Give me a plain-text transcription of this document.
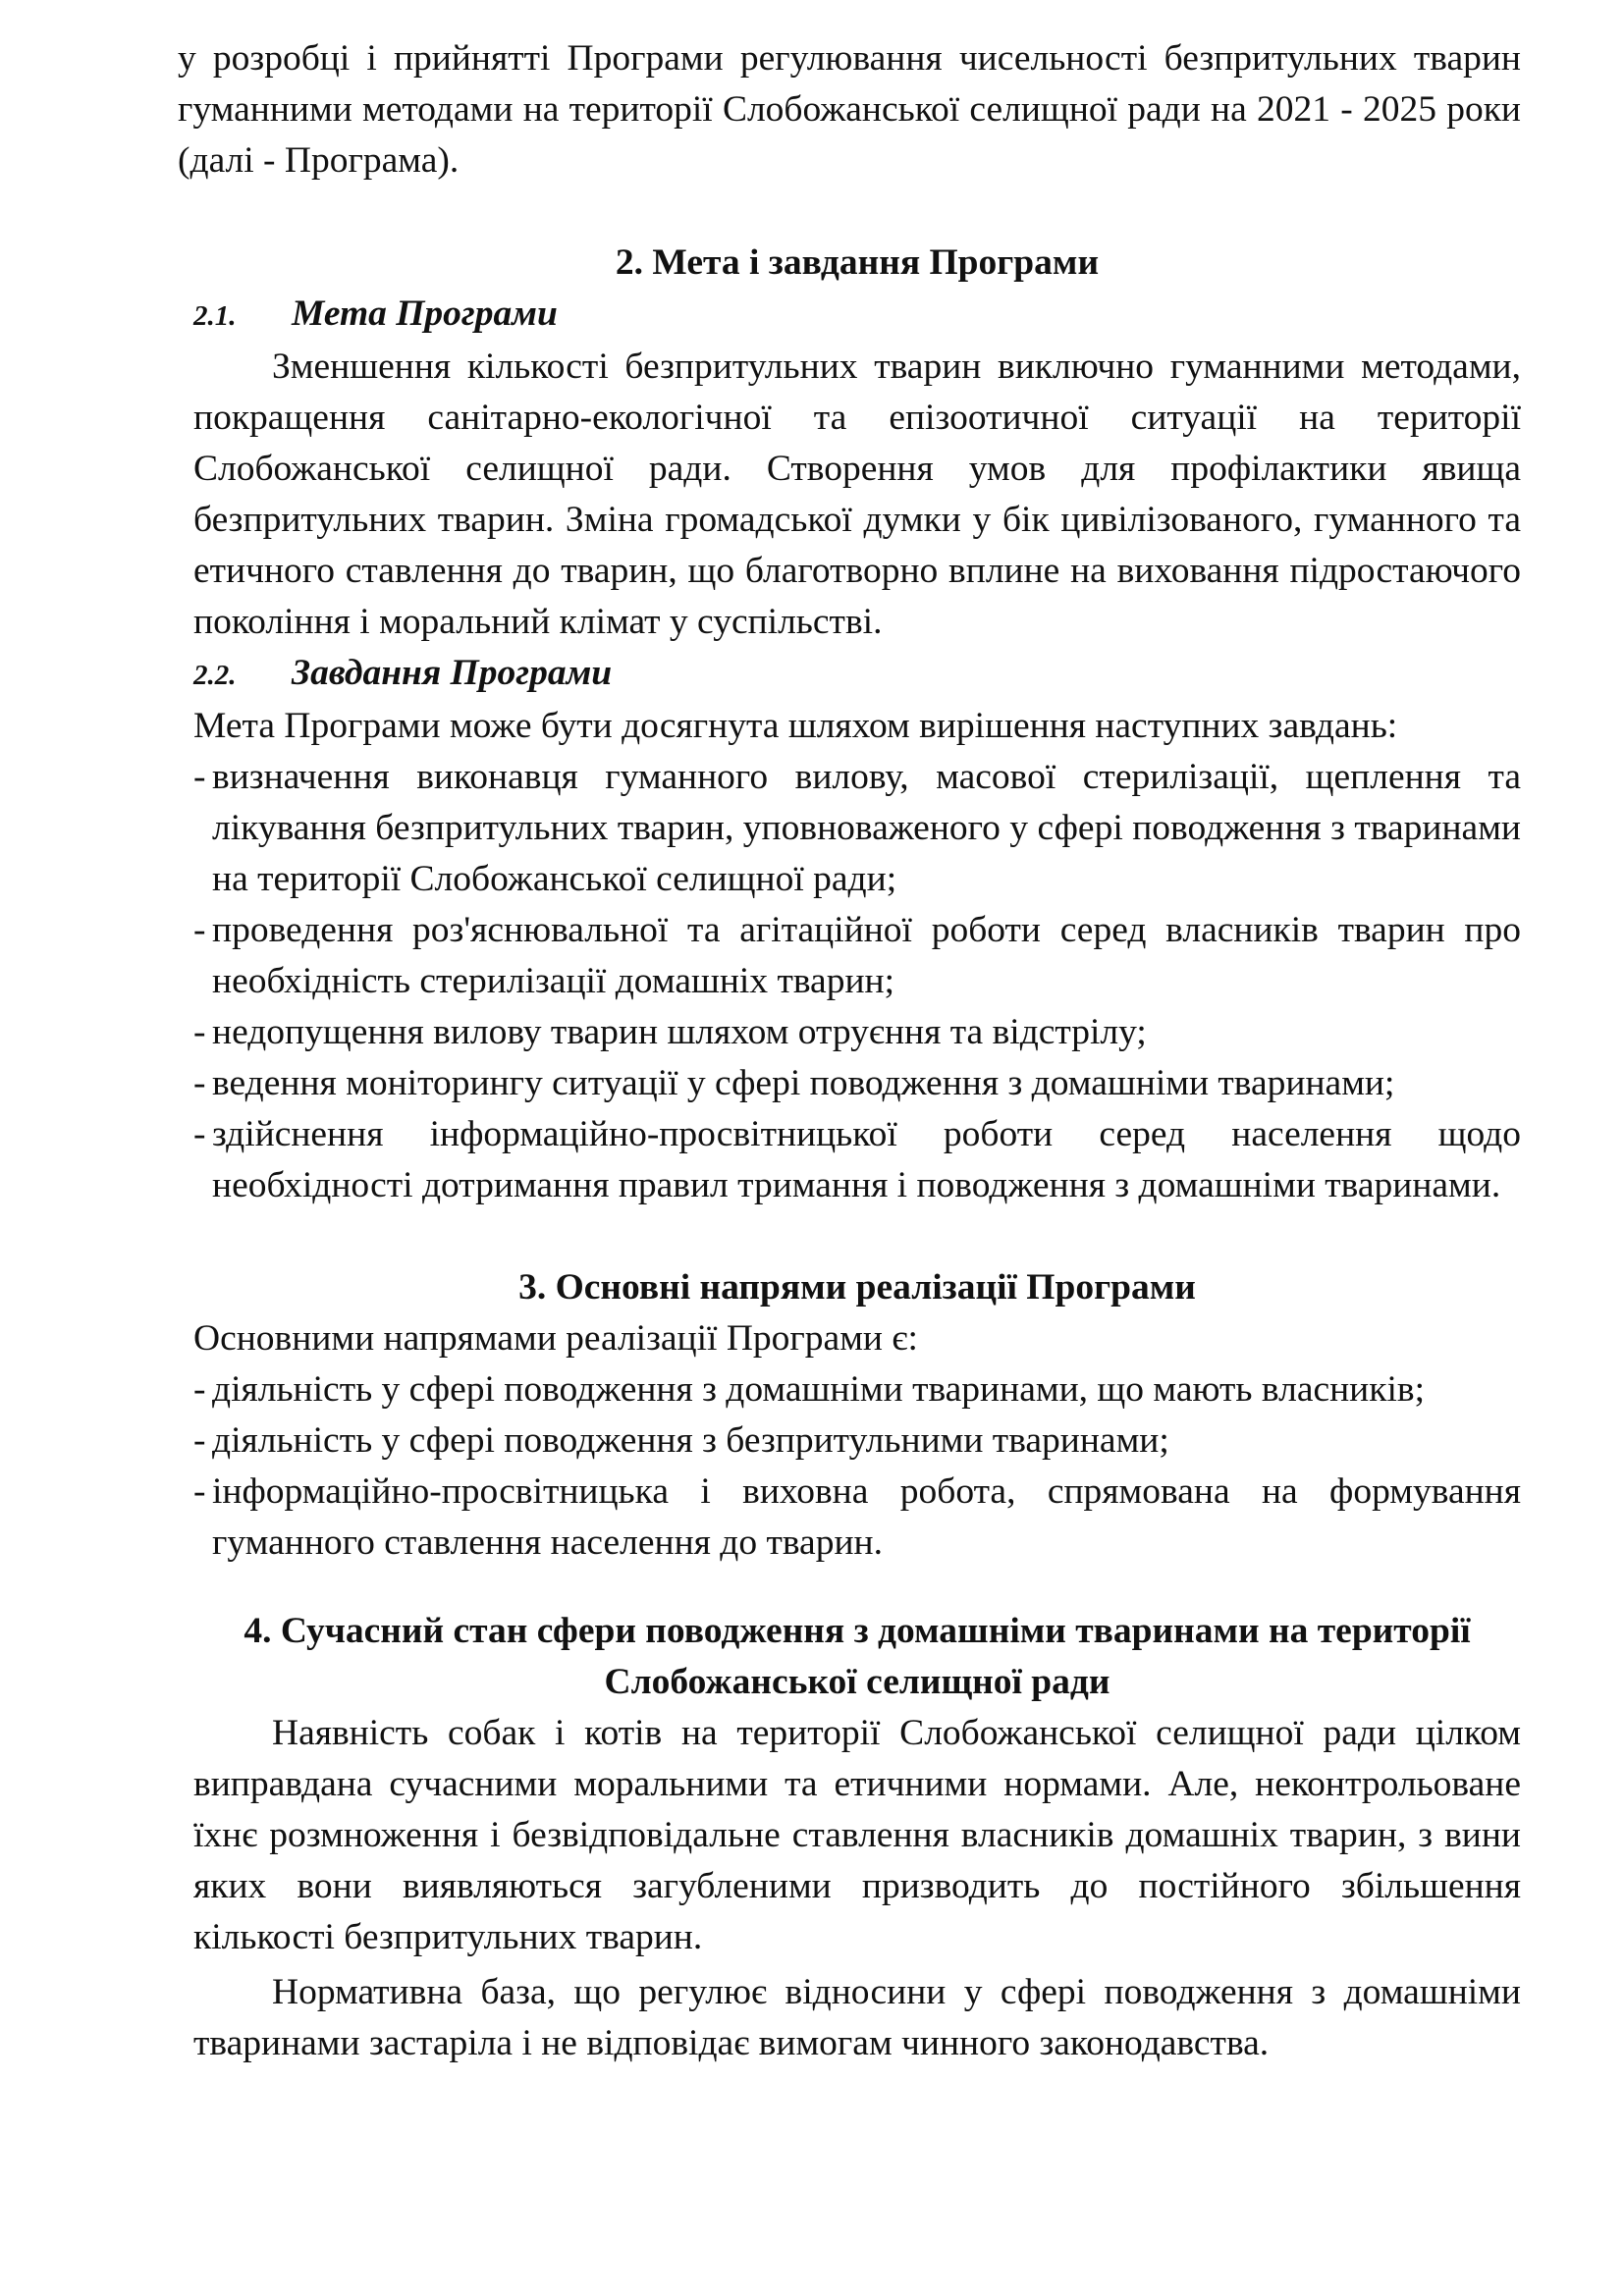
у розробці і прийнятті Програми регулювання чисельності безпритульних тварин гуманними методами на території Слобожанської селищної ради на 2021 - 2025 роки (далі - Програма).

2. Мета і завдання Програми

2.1.	Мета Програми

Зменшення кількості безпритульних тварин виключно гуманними методами, покращення санітарно-екологічної та епізоотичної ситуації на території Слобожанської селищної ради. Створення умов для профілактики явища безпритульних тварин. Зміна громадської думки у бік цивілізованого, гуманного та етичного ставлення до тварин, що благотворно вплине на виховання підростаючого покоління і моральний клімат у суспільстві.

2.2.	Завдання Програми

Мета Програми може бути досягнута шляхом вирішення наступних завдань:

- визначення виконавця гуманного вилову, масової стерилізації, щеплення та лікування безпритульних тварин, уповноваженого у сфері поводження з тваринами на території Слобожанської селищної ради;
- проведення роз'яснювальної та агітаційної роботи серед власників тварин про необхідність стерилізації домашніх тварин;
- недопущення вилову тварин шляхом отруєння та відстрілу;
- ведення моніторингу ситуації у сфері поводження з домашніми тваринами;
- здійснення інформаційно-просвітницької роботи серед населення щодо необхідності дотримання правил тримання і поводження з домашніми тваринами.

3. Основні напрями реалізації Програми

Основними напрямами реалізації Програми є:

- діяльність у сфері поводження з домашніми тваринами, що мають власників;
- діяльність у сфері поводження з безпритульними тваринами;
- інформаційно-просвітницька і виховна робота, спрямована на формування гуманного ставлення населення до тварин.

4. Сучасний стан сфери поводження з домашніми тваринами на території

Слобожанської селищної ради

Наявність собак і котів на території Слобожанської селищної ради цілком виправдана сучасними моральними та етичними нормами. Але, неконтрольоване їхнє розмноження і безвідповідальне ставлення власників домашніх тварин, з вини яких вони виявляються загубленими призводить до постійного збільшення кількості безпритульних тварин.

Нормативна база, що регулює відносини у сфері поводження з домашніми тваринами застаріла і не відповідає вимогам чинного законодавства.
